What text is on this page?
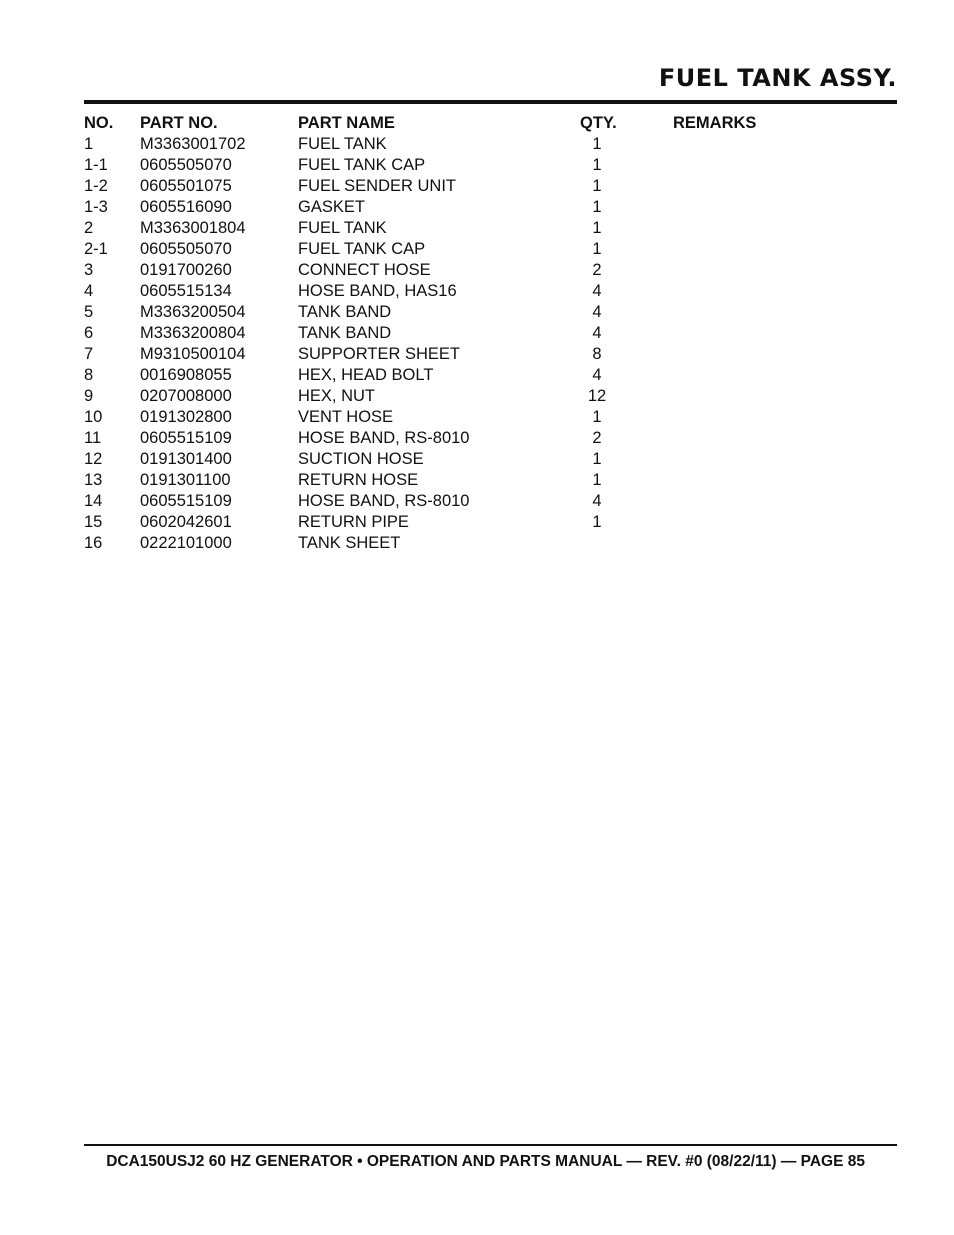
FUEL TANK ASSY.
NO. PART NO.	PART NAME	QTY.	REMARKS
1	M3363001702	FUEL TANK	1
1-1 0605505070	FUEL TANK CAP	1
1-2 0605501075	FUEL SENDER UNIT	1
1-3 0605516090	GASKET	1
2	M3363001804	FUEL TANK	1
2-1 0605505070	FUEL TANK CAP	1
3	0191700260	CONNECT HOSE	2
4	0605515134	HOSE BAND, HAS16	4
5	M3363200504	TANK BAND	4
6	M3363200804	TANK BAND	4
7	M9310500104	SUPPORTER SHEET	8
8	0016908055	HEX, HEAD BOLT	4
9	0207008000	HEX, NUT	12
10 0191302800	VENT HOSE	1
11 0605515109	HOSE BAND, RS-8010	2
12 0191301400	SUCTION HOSE	1
13 0191301100	RETURN HOSE	1
14 0605515109	HOSE BAND, RS-8010	4
15 0602042601	RETURN PIPE	1
16 0222101000	TANK SHEET
DCA150USJ2 60 HZ GENERATOR • OPERATION AND PARTS MANUAL — REV. #0 (08/22/11) — PAGE 85
